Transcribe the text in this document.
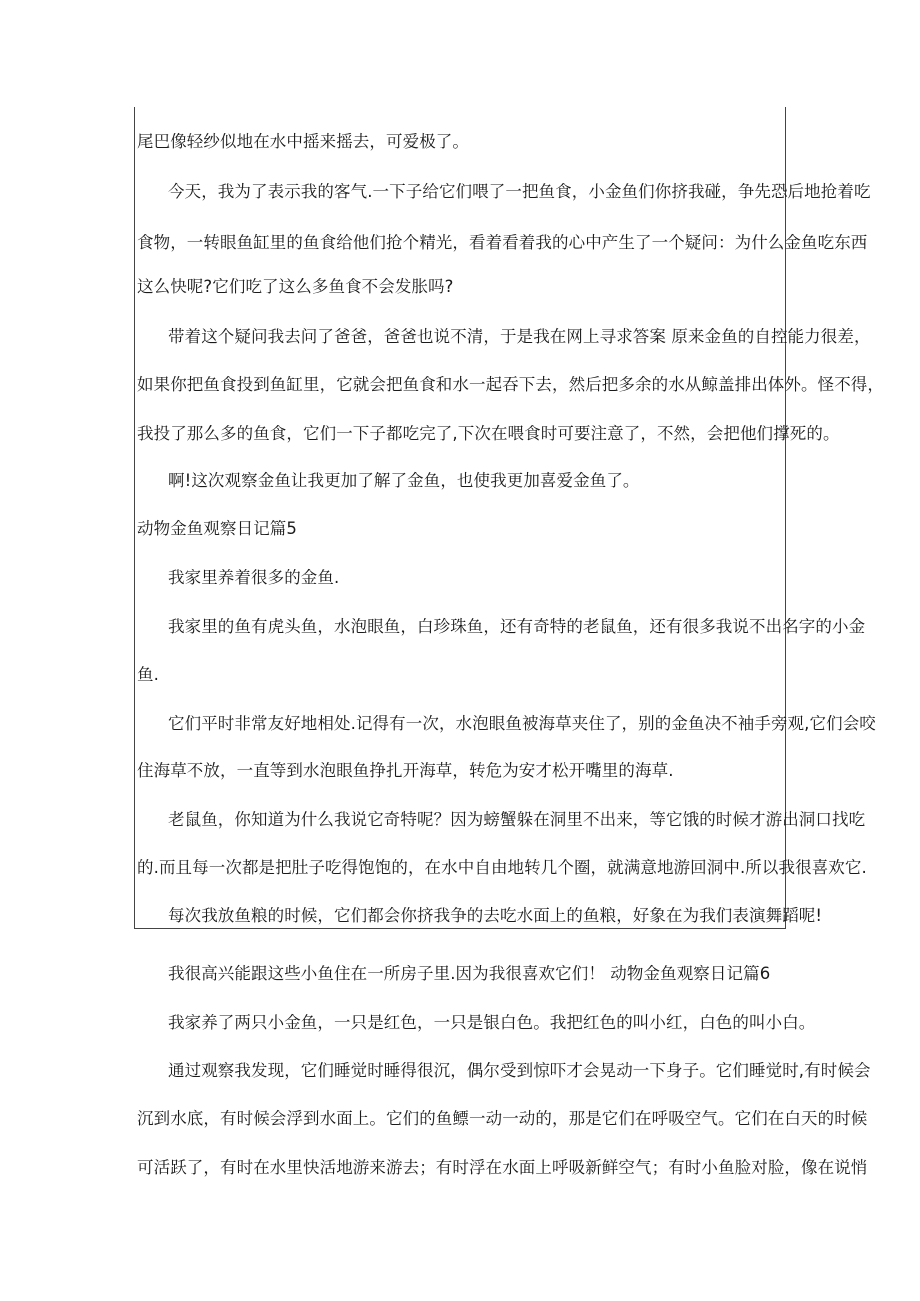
尾巴像轻纱似地在水中摇来摇去，可爱极了。
今天，我为了表示我的客气.一下子给它们喂了一把鱼食，小金鱼们你挤我碰，争先恐后地抢着吃
食物，一转眼鱼缸里的鱼食给他们抢个精光，看着看着我的心中产生了一个疑问：为什么金鱼吃东西
这么快呢?它们吃了这么多鱼食不会发胀吗?
带着这个疑问我去问了爸爸，爸爸也说不清，于是我在网上寻求答案 原来金鱼的自控能力很差，
如果你把鱼食投到鱼缸里，它就会把鱼食和水一起吞下去，然后把多余的水从鲸盖排出体外。怪不得，
我投了那么多的鱼食，它们一下子都吃完了,下次在喂食时可要注意了，不然，会把他们撑死的。
啊!这次观察金鱼让我更加了解了金鱼，也使我更加喜爱金鱼了。
动物金鱼观察日记篇5
我家里养着很多的金鱼.
我家里的鱼有虎头鱼，水泡眼鱼，白珍珠鱼，还有奇特的老鼠鱼，还有很多我说不出名字的小金
鱼.
它们平时非常友好地相处.记得有一次，水泡眼鱼被海草夹住了，别的金鱼决不袖手旁观,它们会咬
住海草不放，一直等到水泡眼鱼挣扎开海草，转危为安才松开嘴里的海草.
老鼠鱼，你知道为什么我说它奇特呢？因为螃蟹躲在洞里不出来，等它饿的时候才游出洞口找吃
的.而且每一次都是把肚子吃得饱饱的，在水中自由地转几个圈，就满意地游回洞中.所以我很喜欢它.
每次我放鱼粮的时候，它们都会你挤我争的去吃水面上的鱼粮，好象在为我们表演舞蹈呢!
我很高兴能跟这些小鱼住在一所房子里.因为我很喜欢它们！ 动物金鱼观察日记篇6
我家养了两只小金鱼，一只是红色，一只是银白色。我把红色的叫小红，白色的叫小白。
通过观察我发现，它们睡觉时睡得很沉，偶尔受到惊吓才会晃动一下身子。它们睡觉时,有时候会
沉到水底，有时候会浮到水面上。它们的鱼鳔一动一动的，那是它们在呼吸空气。它们在白天的时候
可活跃了，有时在水里快活地游来游去；有时浮在水面上呼吸新鲜空气；有时小鱼脸对脸，像在说悄
